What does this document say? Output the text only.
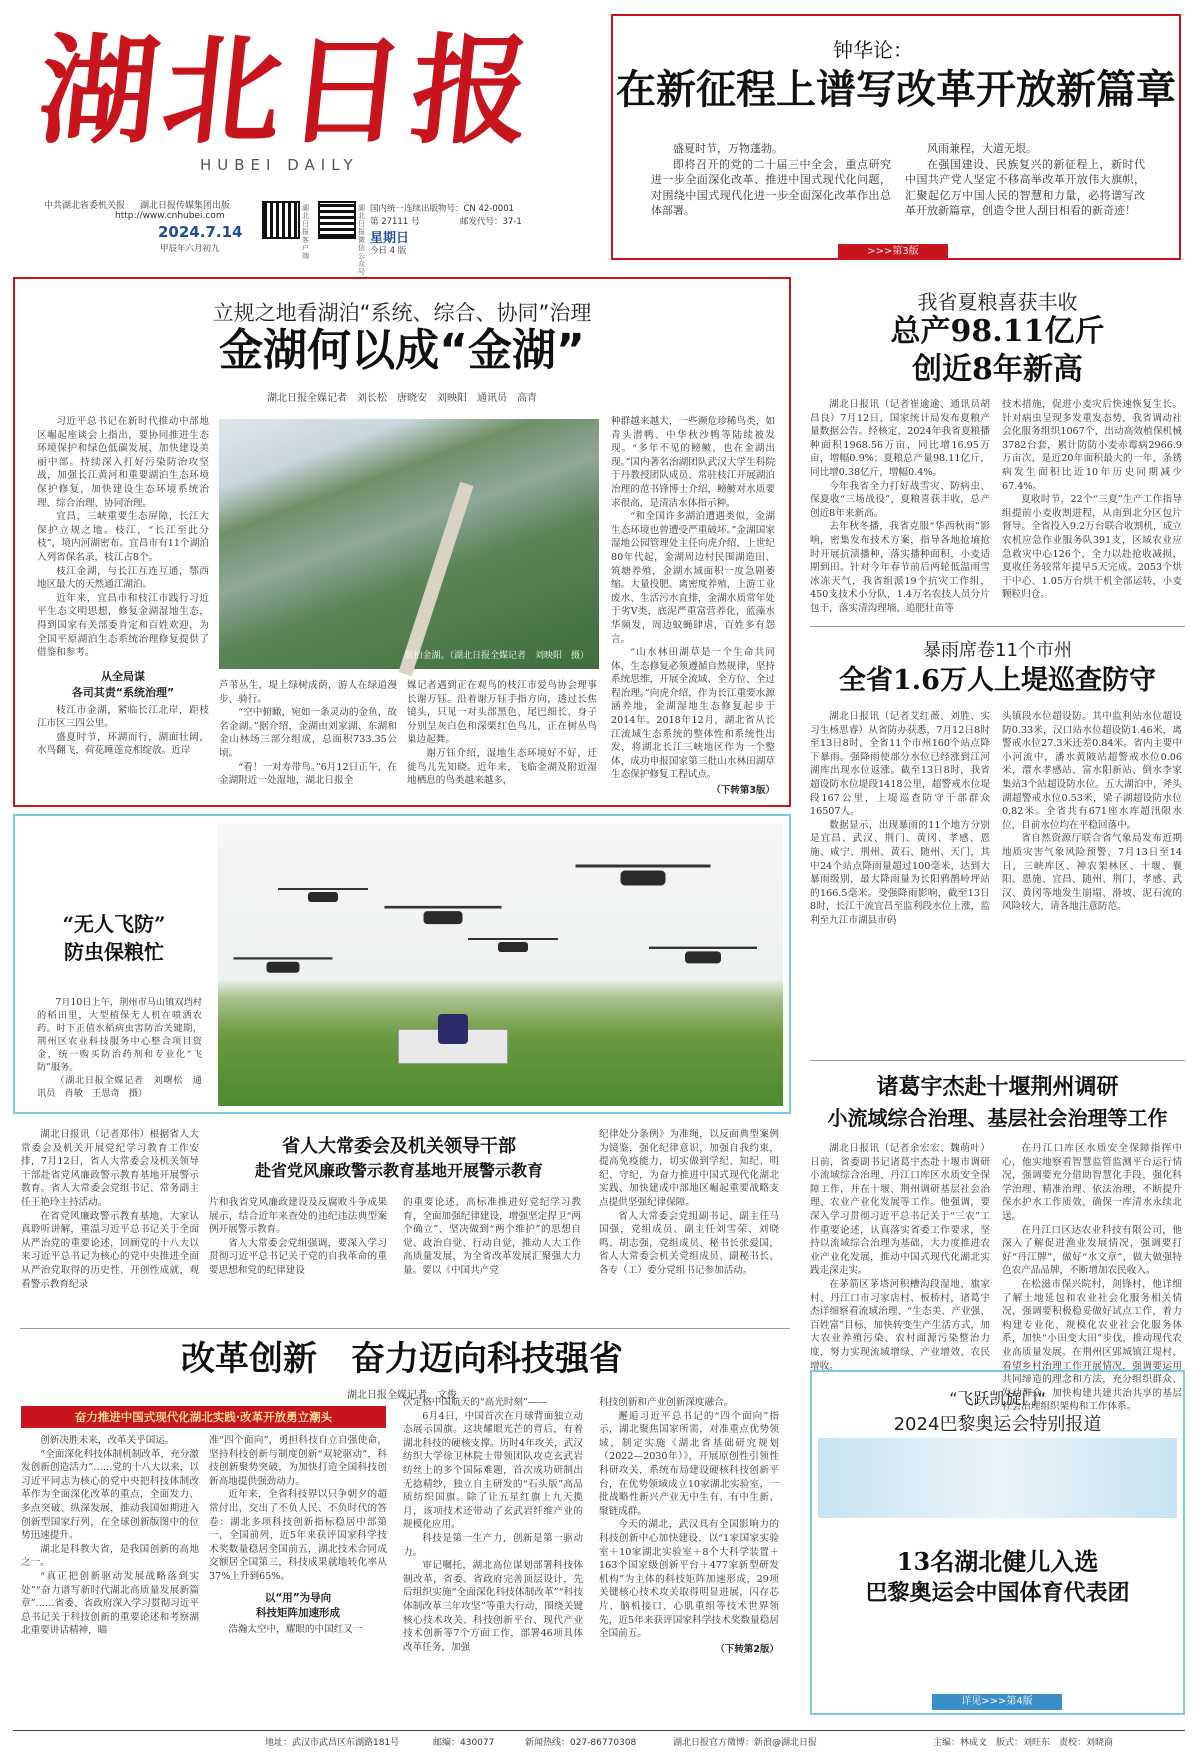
湖北日报
HUBEI DAILY
中共湖北省委机关报 湖北日报传媒集团出版
http://www.cnhubei.com
2024.7.14
甲辰年六月初九
湖北日报客户端
湖北日报微信公众号
国内统一连续出版物号：CN 42-0001
第 27111 号	邮发代号：37-1
星期日
今日 4 版
钟华论：
在新征程上谱写改革开放新篇章

盛夏时节，万物蓬勃。

即将召开的党的二十届三中全会，重点研究进一步全面深化改革、推进中国式现代化问题，对围绕中国式现代化进一步全面深化改革作出总体部署。

风雨兼程，大道无垠。

在强国建设、民族复兴的新征程上，新时代中国共产党人坚定不移高举改革开放伟大旗帜，汇聚起亿万中国人民的智慧和力量，必将谱写改革开放新篇章，创造令世人刮目相看的新奇迹！

>>>第3版
立规之地看湖泊“系统、综合、协同”治理
金湖何以成“金湖”
湖北日报全媒记者　刘长松　唐晓安　刘映阳　通讯员　高青

习近平总书记在新时代推动中部地区崛起座谈会上指出，要协同推进生态环境保护和绿色低碳发展，加快建设美丽中部。持续深入打好污染防治攻坚战，加强长江黄河和重要湖泊生态环境保护修复，加快建设生态环境系统治理、综合治理、协同治理。

宜昌，三峡重要生态屏障，长江大保护立规之地。枝江，“长江至此分枝”，境内河湖密布。宜昌市有11个湖泊入列省保名录，枝江占8个。

枝江金湖，与长江互连互通，鄂西地区最大的天然通江湖泊。

近年来，宜昌市和枝江市践行习近平生态文明思想，修复金湖湿地生态，得到国家有关部委肯定和百姓欢迎，为全国平原湖泊生态系统治理修复提供了借鉴和参考。

从全局谋
各司其责“系统治理”

枝江市金湖，紧临长江北岸，距枝江市区三四公里。

盛夏时节，环湖而行，湖面壮阔，水鸟翻飞，荷花睡莲竞相绽放。近岸

航拍金湖。（湖北日报全媒记者　刘映阳　摄）

芦苇丛生，堤上绿树成荫，游人在绿道漫步、骑行。

“空中俯瞰，宛如一条灵动的金鱼，故名金湖。”据介绍，金湖由刘家湖、东湖和金山林场三部分组成，总面积733.35公顷。

“看！一对寿带鸟。”6月12日正午，在金湖附近一处湿地，湖北日报全

媒记者遇到正在观鸟的枝江市爱鸟协会理事长谢万钰。沿着谢万钰手指方向，透过长焦镜头，只见一对头部黑色、尾巴细长、身子分别呈灰白色和深栗红色鸟儿，正在树丛鸟巢边起舞。

谢万钰介绍，湿地生态环境好不好，迁徙鸟儿先知晓。近年来，飞临金湖及附近湿地栖息的鸟类越来越多，

种群越来越大，一些濒危珍稀鸟类，如青头潜鸭、中华秋沙鸭等陆续被发现。“多年不见的鳑鲏，也在金湖出现。”国内著名治湖团队武汉大学生科院于丹教授团队成员、常驻枝江开展湖泊治理的范书锋博士介绍，鳑鲏对水质要求很高，是清洁水体指示种。

“和全国许多湖泊遭遇类似，金湖生态环境也曾遭受严重破坏。”金湖国家湿地公园管理处主任向虎介绍，上世纪80年代起，金湖周边村民围湖造田、筑塘养殖，金湖水域面积一度急剧萎缩。大量投肥、离密度养殖，上游工业废水、生活污水直排，金湖水质常年处于劣Ⅴ类，底泥严重富营养化，蓝藻水华频发，周边蚊蝇肆虐，百姓多有怨言。

“山水林田湖草是一个生命共同体，生态修复必须遵循自然规律，坚持系统思维，开展全流域、全方位、全过程治理。”向虎介绍，作为长江重要水源涵养地，金湖湿地生态修复起步于2014年。2018年12月，湖北省从长江流域生态系统的整体性和系统性出发，将湖北长江三峡地区作为一个整体，成功申报国家第三批山水林田湖草生态保护修复工程试点。

（下转第3版）
我省夏粮喜获丰收
总产98.11亿斤
创近8年新高

湖北日报讯（记者崔逾逾、通讯员胡昌良）7月12日，国家统计局发布夏粮产量数据公告。经核定，2024年我省夏粮播种面积1968.56万亩，同比增16.95万亩，增幅0.9%；夏粮总产量98.11亿斤，同比增0.38亿斤，增幅0.4%。

今年我省全力打好战雪灾、防病虫、保夏收“三场战役”，夏粮喜获丰收，总产创近8年来新高。

去年秋冬播，我省克服“华西秋雨”影响，密集发布技术方案，指导各地抢墒抢时开展抗渍播种，落实播种面积，小麦适期到田。针对今年春节前后两轮低温雨雪冰冻天气，我省组派19个抗灾工作组，450支技术小分队，1.4万名农技人员分片包干，落实清沟理墒、追肥壮苗等

技术措施，促进小麦灾后快速恢复生长。针对病虫呈现多发重发态势，我省调动社会化服务组织1067个，出动高效植保机械3782台套，累计防防小麦赤霉病2966.9万亩次，是近20年面积最大的一年，条锈病发生面积比近10年历史同期减少67.4%。

夏收时节，22个“三夏”生产工作指导组提前小麦收割进程，从南到北分区包片督导。全省投入9.2万台联合收割机，成立农机应急作业服务队391支，区域农业应急救灾中心126个，全力以赴抢收减损，夏收任务较常年提早5天完成。2053个烘干中心、1.05万台烘干机全部运转，小麦颗粒归仓。

暴雨席卷11个市州
全省1.6万人上堤巡查防守

湖北日报讯（记者艾红薇、刘胜、实习生杨思睿）从省防办获悉，7月12日8时至13日8时，全省11个市州160个站点降下暴雨。强降雨使部分水位已经涨到江河湖库出现水位返涨。截至13日8时，我省超设防水位堤段1418公里，超警戒水位堤段167公里，上堤巡查防守干部群众16507人。

数据显示，出现暴雨的11个地方分别是宜昌、武汉、荆门、黄冈、孝感、恩施、咸宁、荆州、黄石、随州、天门，其中24个站点降雨量超过100毫米，达到大暴雨级别，最大降雨量为长阳鸦鹊岭坪站的166.5毫米。受强降雨影响，截至13日8时，长江干流宜昌至监利段水位上涨，监利至九江市湖县市码

头镇段水位超设防。其中监利站水位超设防0.33米，汉口站水位超设防1.46米，离警戒水位27.3米还差0.84米。省内主要中小河流中，潘水黄陂站超警戒水位0.06米，澴水孝感站、富水阳新站、倒水李家集站3个站超设防水位。五大湖泊中，斧头湖超警戒水位0.53米，梁子湖超设防水位0.82米。全省共有671座水库超汛限水位，目前水位均在平稳回落中。

省自然资源厅联合省气象局发布近期地质灾害气象风险预警，7月13日至14日，三峡库区、神农架林区、十堰、襄阳、恩施、宜昌、随州、荆门、孝感、武汉、黄冈等地发生崩塌、滑坡、泥石流的风险较大，请各地注意防范。

“无人飞防”
防虫保粮忙

7月10日上午，荆州市马山镇双垱村的稻田里，大型植保无人机在喷洒农药。时下正值水稻病虫害防治关键期，荆州区农业科技服务中心整合项目资金，统一购买防治药剂和专业化“飞防”服务。

（湖北日报全媒记者　刘曙松　通讯员　肖敏　王思奇　摄）	诸葛宇杰赴十堰荆州调研
小流域综合治理、基层社会治理等工作

湖北日报讯（记者余宏宏、魏萌叶）日前，省委副书记诸葛宇杰赴十堰市调研小流域综合治理、丹江口库区水质安全保障工作，并在十堰、荆州调研基层社会治理、农业产业化发展等工作。他强调，要深入学习贯彻习近平总书记关于“三农”工作重要论述，认真落实省委工作要求，坚持以流域综合治理为基础，大力度推进农业产业化发展，推动中国式现代化湖北实践走深走实。

在茅箭区茅塔河积槽沟段湿地、旗家村、丹江口市习家店村、板桥村，诸葛宇杰详细察看流域治理、“生态美、产业强、百姓富”目标，加快转变生产生活方式，加大农业养殖污染、农村面源污染整治力度，努力实现流域增绿、产业增效、农民增收。

在丹江口库区水质安全保障指挥中心，他实地察看智慧监管监测平台运行情况，强调要充分借助智慧化手段，强化科学治理、精准治理、依法治理，不断提升保水护水工作质效，确保一库清水永续北送。

在丹江口区达农业科技有限公司，他深入了解促进渔业发展情况，强调要打好“丹江牌”，做好“水文章”，做大做强特色农产品品牌，不断增加农民收入。

在松滋市保兴院村，剑锋村，他详细了解土地延包和农业社会化服务相关情况，强调要积极稳妥做好试点工作，着力构建专业化、规模化农业社会化服务体系，加快“小田变大田”步伐，推动现代农业高质量发展。在荆州区郢城镇江堤村，看望乡村治理工作开展情况，强调要运用共同缔造的理念和方法，充分组织群众、发动群众，加快构建共建共治共享的基层社会治理组织架构和工作体系。

湖北日报讯（记者郑伟）根据省人大常委会及机关开展党纪学习教育工作安排，7月12日，省人大常委会及机关领导干部赴省党风廉政警示教育基地开展警示教育。省人大常委会党组书记、常务副主任王艳玲主持活动。

在省党风廉政警示教育基地，大家认真聆听讲解，重温习近平总书记关于全面从严治党的重要论述，回顾党的十八大以来习近平总书记为核心的党中央推进全面从严治党取得的历史性、开创性成就，观看警示教育纪录

省人大常委会及机关领导干部
赴省党风廉政警示教育基地开展警示教育

片和我省党风廉政建设及反腐败斗争成果展示，结合近年来查处的违纪违法典型案例开展警示教育。

省人大常委会党组强调，要深入学习贯彻习近平总书记关于党的自我革命的重要思想和党的纪律建设

的重要论述，高标准推进好党纪学习教育，全面加强纪律建设，增强坚定捍卫“两个确立”、坚决做到“两个维护”的思想自觉、政治自觉、行动自觉，推动人大工作高质量发展，为全省改革发展汇聚强大力量。要以《中国共产党

纪律处分条例》为准绳，以反面典型案例为镜鉴，强化纪律意识，加强自我约束，提高免疫能力，切实做到学纪、知纪、明纪、守纪，为奋力推进中国式现代化湖北实践、加快建成中部地区崛起重要战略支点提供坚强纪律保障。

省人大常委会党组副书记、副主任马国强，党组成员、副主任刘雪荣、刘晓鸣、胡志强，党组成员、秘书长张爱国，省人大常委会机关党组成员、副秘书长、各专（工）委分党组书记参加活动。

改革创新　奋力迈向科技强省
湖北日报全媒记者　文俊
奋力推进中国式现代化湖北实践·改革开放勇立潮头

创新决胜未来，改革关乎国运。

“全面深化科技体制机制改革，充分激发创新创造活力”……党的十八大以来，以习近平同志为核心的党中央把科技体制改革作为全面深化改革的重点，全面发力、多点突破、纵深发展，推动我国如期进入创新型国家行列，在全球创新版图中的位势迅速提升。

湖北是科教大省，是我国创新的高地之一。

“真正把创新驱动发展战略落到实处”“奋力谱写新时代湖北高质量发展新篇章”……省委、省政府深入学习贯彻习近平总书记关于科技创新的重要论述和考察湖北重要讲话精神，瞄

准“四个面向”，勇担科技自立自强使命，坚持科技创新与制度创新“双轮驱动”，科技创新聚势突破，为加快打造全国科技创新高地提供强劲动力。

近年来，全省科技界以只争朝夕的超常付出，交出了不负人民、不负时代的答卷：湖北多项科技创新指标稳居中部第一，全国前列，近5年来获评国家科学技术奖数量稳居全国前五，湖北技术合同成交额居全国第三，科技成果就地转化率从37%上升到65%。

以“用”为导向
科技矩阵加速形成

浩瀚太空中，耀眼的中国红又一

次定格中国航天的“高光时刻”——

6月4日，中国首次在月球背面独立动态展示国旗。这块耀眼光芒的背后，有着湖北科技的硬核支撑。历时4年攻关，武汉纺织大学徐卫林院士带领团队攻克玄武岩纺丝上的多个国际难题，首次成功研制出无捻精纱，独立自主研发的“石头版”高品质纺织国旗。除了让五星红旗上九天揽月，该项技术还带动了玄武岩纤维产业的规模化应用。

科技是第一生产力，创新是第一驱动力。

审记嘱托，湖北高位谋划部署科技体制改革，省委、省政府完善顶层设计，先后组织实施“全面深化科技体制改革”“科技体制改革三年攻坚”等重大行动，围绕关键核心技术攻关、科技创新平台、现代产业技术创新等7个方面工作，部署46项具体改革任务，加强

科技创新和产业创新深度融合。

邂逅习近平总书记的“四个面向”指示，湖北聚焦国家所需，对准重点优势领域，制定实施《湖北省基础研究规划（2022—2030年）》，开展原创性引领性科研攻关，系统布局建设硬核科技创新平台，在优势领域成立10家湖北实验室，一批战略性新兴产业无中生有、有中生新、聚链成群。

今天的湖北，武汉具有全国影响力的科技创新中心加快建设，以“1家国家实验室＋10家湖北实验室＋8个大科学装置＋163个国家级创新平台＋477家新型研发机构”为主体的科技矩阵加速形成，29项关键核心技术攻关取得明显进展，闪存芯片、脑机接口、心肌重组等技术世界领先，近5年来获评国家科学技术奖数量稳居全国前五。

（下转第2版）
“飞跃凯旋门”
2024巴黎奥运会特别报道
13名湖北健儿入选
巴黎奥运会中国体育代表团
详见>>>第4版
地址：武汉市武昌区东湖路181号	邮编：430077	新闻热线：027-86770308	湖北日报官方微博：新浪@湖北日报	主编：林成文　版式：刘旺东　责校：刘晓商
